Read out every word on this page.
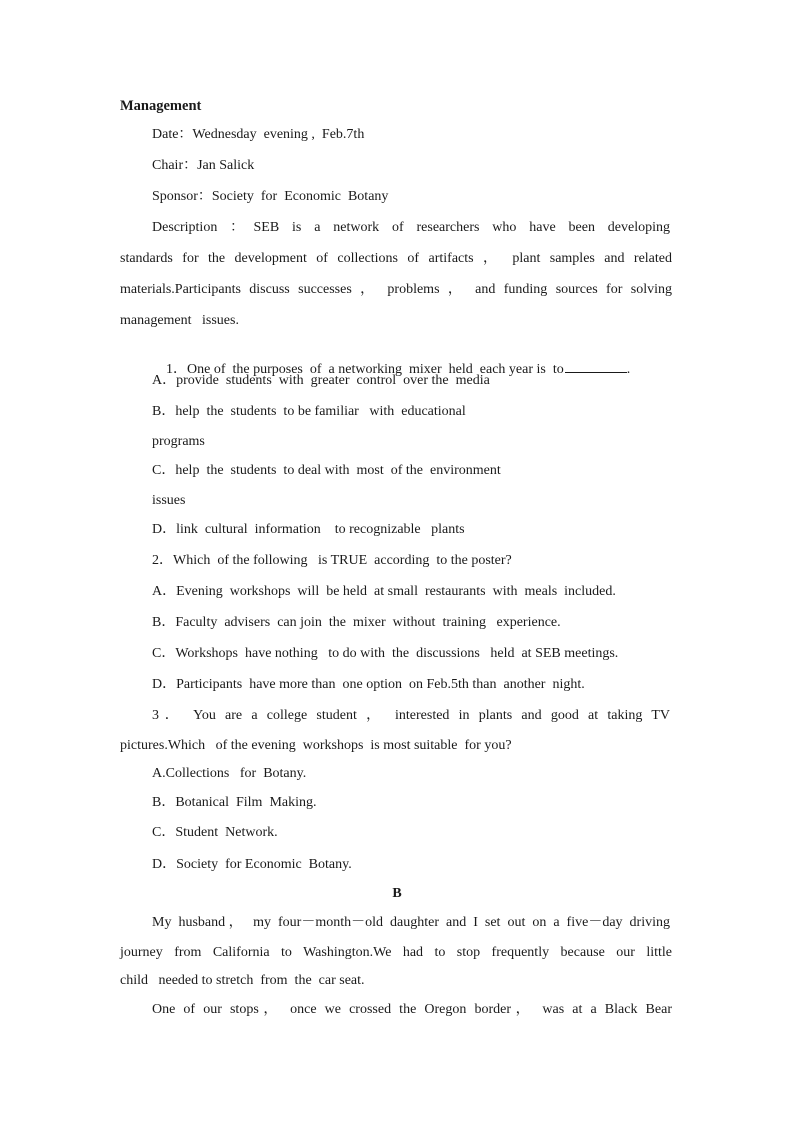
Management
Date：Wednesday  evening ,  Feb.7th
Chair：Jan Salick
Sponsor：Society  for  Economic  Botany
Description ：SEB is a network of researchers who have been developing
standards for the development of collections of artifacts ， plant samples and related
materials.Participants discuss successes ， problems ， and funding sources for solving
management   issues.

1．One of  the purposes  of  a networking  mixer  held  each year is  to	.

A．provide  students  with  greater  control  over the  media
B．help  the  students  to be familiar   with  educational
programs
C．help  the  students  to deal with  most  of the  environment
issues
D．link  cultural  information    to recognizable   plants
2．Which  of the following   is TRUE  according  to the poster?
A．Evening  workshops  will  be held  at small  restaurants  with  meals  included.
B．Faculty  advisers  can join  the  mixer  without  training   experience.
C．Workshops  have nothing   to do with  the  discussions   held  at SEB meetings.
D．Participants  have more than  one option  on Feb.5th than  another  night.
3． You are a college student ， interested in plants and good at taking TV
pictures.Which   of the evening  workshops  is most suitable  for you?
A.Collections   for  Botany.
B．Botanical  Film  Making.
C．Student  Network.
D．Society  for Economic  Botany.
B
My husband， my four－month－old daughter and I set out on a five－day driving
journey from California to Washington.We had to stop frequently because our little
child   needed to stretch  from  the  car seat.
One of our stops， once we crossed the Oregon border， was at a Black Bear
